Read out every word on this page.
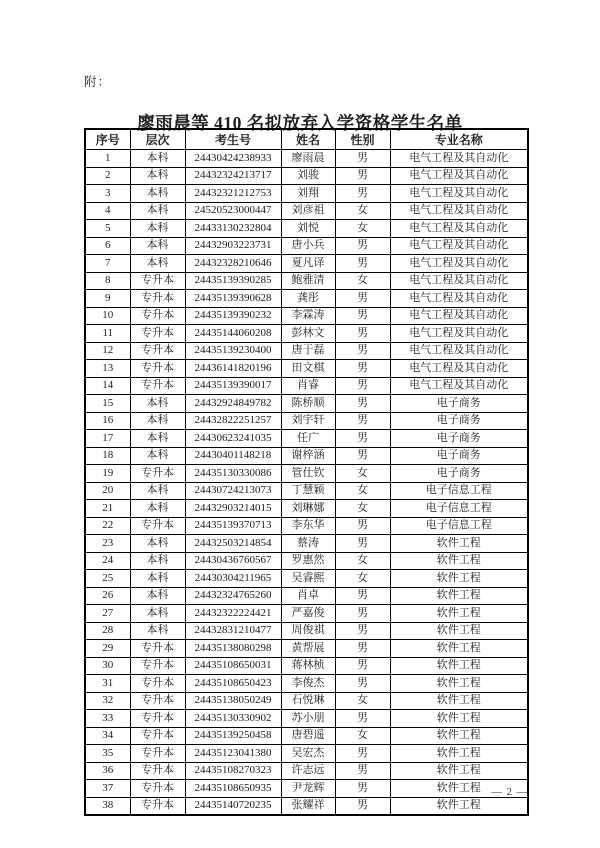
附：
廖雨晨等 410 名拟放弃入学资格学生名单
序号	层次	考生号	姓名	性别	专业名称
1	本科	24430424238933	廖雨晨	男	电气工程及其自动化
2	本科	24432324213717	刘骏	男	电气工程及其自动化
3	本科	24432321212753	刘翔	男	电气工程及其自动化
4	本科	24520523000447	刘彦祖	女	电气工程及其自动化
5	本科	24433130232804	刘悦	女	电气工程及其自动化
6	本科	24432903223731	唐小兵	男	电气工程及其自动化
7	本科	24432328210646	夏凡译	男	电气工程及其自动化
8	专升本	24435139390285	鲍雅清	女	电气工程及其自动化
9	专升本	24435139390628	龚彤	男	电气工程及其自动化
10	专升本	24435139390232	李霖涛	男	电气工程及其自动化
11	专升本	24435144060208	彭林文	男	电气工程及其自动化
12	专升本	24435139230400	唐于磊	男	电气工程及其自动化
13	专升本	24436141820196	田文棋	男	电气工程及其自动化
14	专升本	24435139390017	肖睿	男	电气工程及其自动化
15	本科	24432924849782	陈桥顺	男	电子商务
16	本科	24432822251257	刘宇轩	男	电子商务
17	本科	24430623241035	任广	男	电子商务
18	本科	24430401148218	谢梓涵	男	电子商务
19	专升本	24435130330086	管仕钦	女	电子商务
20	本科	24430724213073	丁慧颖	女	电子信息工程
21	本科	24432903214015	刘琳娜	女	电子信息工程
22	专升本	24435139370713	李东华	男	电子信息工程
23	本科	24432503214854	蔡涛	男	软件工程
24	本科	24430436760567	罗惠然	女	软件工程
25	本科	24430304211965	吴睿熙	女	软件工程
26	本科	24432324765260	肖卓	男	软件工程
27	本科	24432322224421	严嘉俊	男	软件工程
28	本科	24432831210477	周俊祺	男	软件工程
29	专升本	24435138080298	黄帮展	男	软件工程
30	专升本	24435108650031	蒋林桢	男	软件工程
31	专升本	24435108650423	李俊杰	男	软件工程
32	专升本	24435138050249	石悦琳	女	软件工程
33	专升本	24435130330902	苏小朋	男	软件工程
34	专升本	24435139250458	唐碧遥	女	软件工程
35	专升本	24435123041380	吴宏杰	男	软件工程
36	专升本	24435108270323	许志远	男	软件工程
37	专升本	24435108650935	尹龙辉	男	软件工程
38	专升本	24435140720235	张耀祥	男	软件工程
— 2 —
